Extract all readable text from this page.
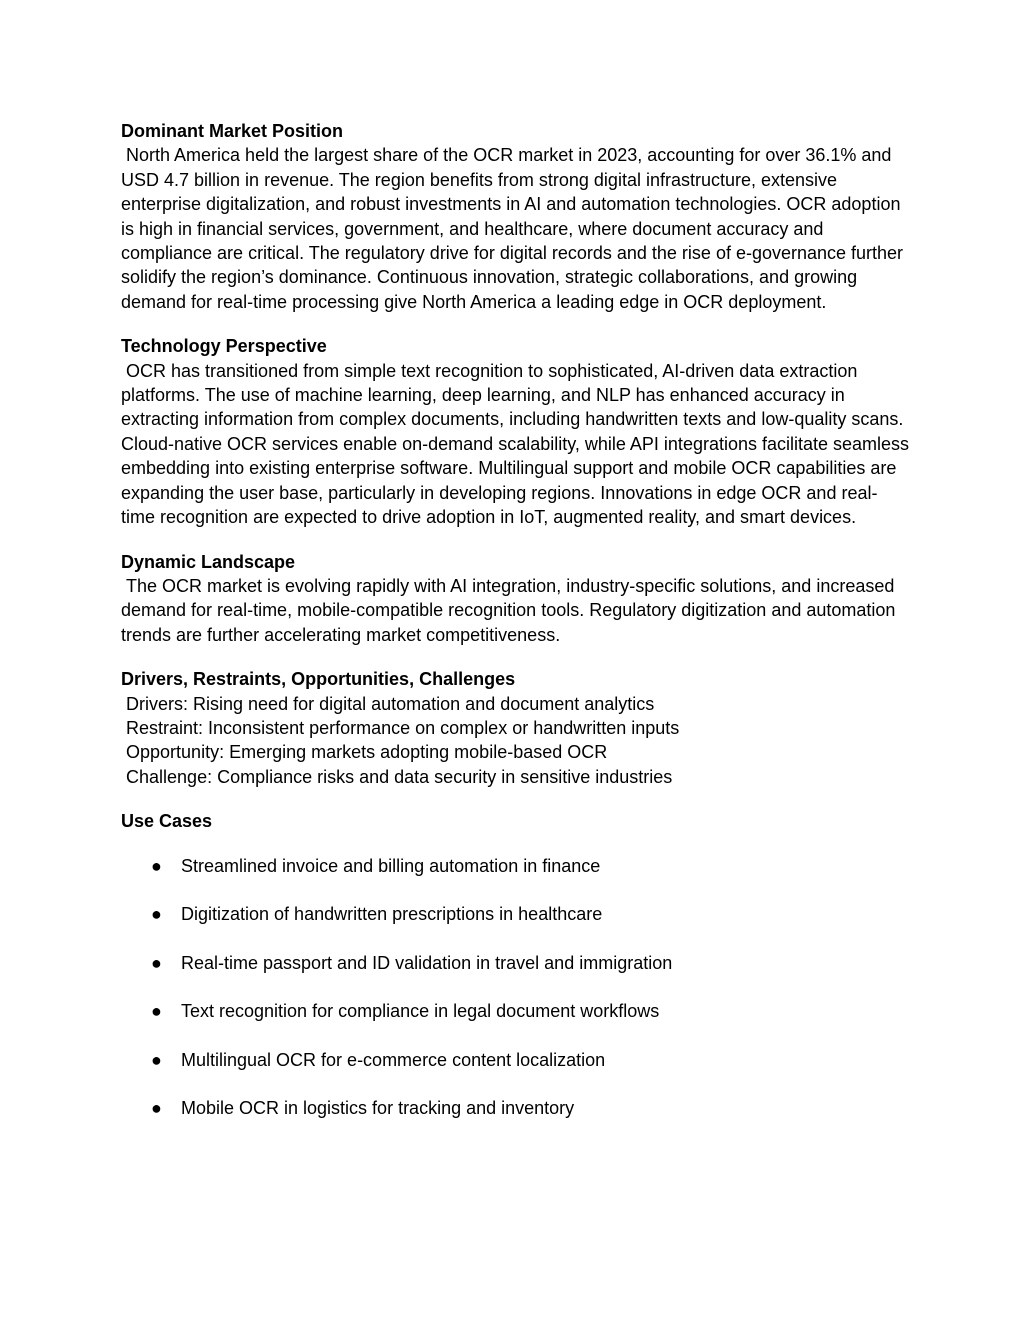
Dominant Market Position
North America held the largest share of the OCR market in 2023, accounting for over 36.1% and USD 4.7 billion in revenue. The region benefits from strong digital infrastructure, extensive enterprise digitalization, and robust investments in AI and automation technologies. OCR adoption is high in financial services, government, and healthcare, where document accuracy and compliance are critical. The regulatory drive for digital records and the rise of e-governance further solidify the region’s dominance. Continuous innovation, strategic collaborations, and growing demand for real-time processing give North America a leading edge in OCR deployment.
Technology Perspective
OCR has transitioned from simple text recognition to sophisticated, AI-driven data extraction platforms. The use of machine learning, deep learning, and NLP has enhanced accuracy in extracting information from complex documents, including handwritten texts and low-quality scans. Cloud-native OCR services enable on-demand scalability, while API integrations facilitate seamless embedding into existing enterprise software. Multilingual support and mobile OCR capabilities are expanding the user base, particularly in developing regions. Innovations in edge OCR and real-time recognition are expected to drive adoption in IoT, augmented reality, and smart devices.
Dynamic Landscape
The OCR market is evolving rapidly with AI integration, industry-specific solutions, and increased demand for real-time, mobile-compatible recognition tools. Regulatory digitization and automation trends are further accelerating market competitiveness.
Drivers, Restraints, Opportunities, Challenges
Drivers: Rising need for digital automation and document analytics
Restraint: Inconsistent performance on complex or handwritten inputs
Opportunity: Emerging markets adopting mobile-based OCR
Challenge: Compliance risks and data security in sensitive industries
Use Cases
● Streamlined invoice and billing automation in finance
● Digitization of handwritten prescriptions in healthcare
● Real-time passport and ID validation in travel and immigration
● Text recognition for compliance in legal document workflows
● Multilingual OCR for e-commerce content localization
● Mobile OCR in logistics for tracking and inventory
